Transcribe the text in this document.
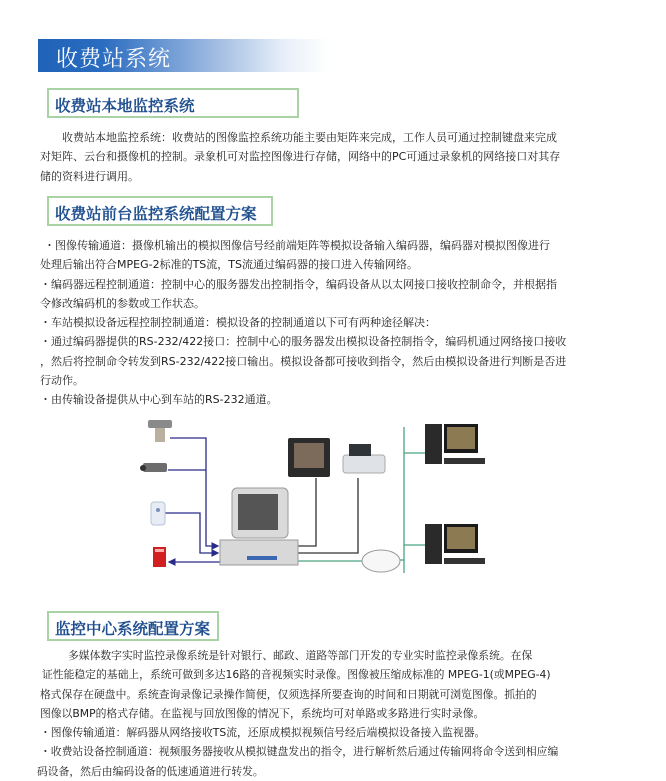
收费站系统
收费站本地监控系统
收费站本地监控系统：收费站的图像监控系统功能主要由矩阵来完成，工作人员可通过控制键盘来完成
对矩阵、云台和摄像机的控制。录象机可对监控图像进行存储，网络中的PC可通过录象机的网络接口对其存
储的资料进行调用。
收费站前台监控系统配置方案
・图像传输通道：摄像机输出的模拟图像信号经前端矩阵等模拟设备输入编码器，编码器对模拟图像进行
处理后输出符合MPEG-2标准的TS流，TS流通过编码器的接口进入传输网络。
・编码器远程控制通道：控制中心的服务器发出控制指令，编码设备从以太网接口接收控制命令，并根据指
令修改编码机的参数或工作状态。
・车站模拟设备远程控制控制通道：模拟设备的控制通道以下可有两种途径解决：
・通过编码器提供的RS-232/422接口：控制中心的服务器发出模拟设备控制指令，编码机通过网络接口接收
，然后将控制命令转发到RS-232/422接口输出。模拟设备都可接收到指令，然后由模拟设备进行判断是否进
行动作。
・由传输设备提供从中心到车站的RS-232通道。
监控中心系统配置方案
多媒体数字实时监控录像系统是针对银行、邮政、道路等部门开发的专业实时监控录像系统。在保
证性能稳定的基础上，系统可做到多达16路的音视频实时录像。图像被压缩成标准的 MPEG-1(或MPEG-4)
格式保存在硬盘中。系统查询录像记录操作简便，仅须选择所要查询的时间和日期就可浏览图像。抓拍的
图像以BMP的格式存储。在监视与回放图像的情况下，系统均可对单路或多路进行实时录像。
・图像传输通道：解码器从网络接收TS流，还原成模拟视频信号经后端模拟设备接入监视器。
・收费站设备控制通道：视频服务器接收从模拟键盘发出的指令，进行解析然后通过传输网将命令送到相应编
码设备，然后由编码设备的低速通道进行转发。
